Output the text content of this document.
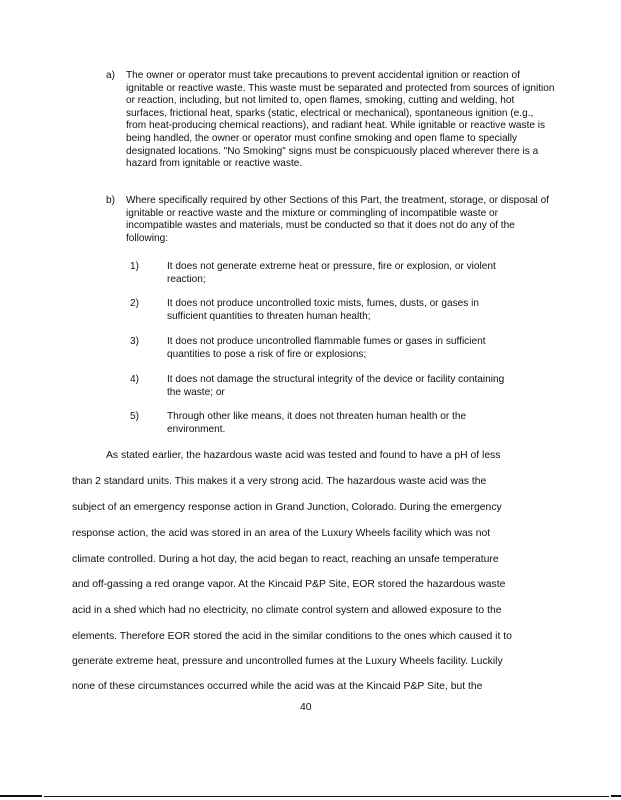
a) The owner or operator must take precautions to prevent accidental ignition or reaction of ignitable or reactive waste. This waste must be separated and protected from sources of ignition or reaction, including, but not limited to, open flames, smoking, cutting and welding, hot surfaces, frictional heat, sparks (static, electrical or mechanical), spontaneous ignition (e.g., from heat-producing chemical reactions), and radiant heat. While ignitable or reactive waste is being handled, the owner or operator must confine smoking and open flame to specially designated locations. "No Smoking" signs must be conspicuously placed wherever there is a hazard from ignitable or reactive waste.
b) Where specifically required by other Sections of this Part, the treatment, storage, or disposal of ignitable or reactive waste and the mixture or commingling of incompatible waste or incompatible wastes and materials, must be conducted so that it does not do any of the following:
1)	It does not generate extreme heat or pressure, fire or explosion, or violent reaction;
2)	It does not produce uncontrolled toxic mists, fumes, dusts, or gases in sufficient quantities to threaten human health;
3)	It does not produce uncontrolled flammable fumes or gases in sufficient quantities to pose a risk of fire or explosions;
4)	It does not damage the structural integrity of the device or facility containing the waste; or
5)	Through other like means, it does not threaten human health or the environment.
As stated earlier, the hazardous waste acid was tested and found to have a pH of less
than 2 standard units. This makes it a very strong acid. The hazardous waste acid was the
subject of an emergency response action in Grand Junction, Colorado. During the emergency
response action, the acid was stored in an area of the Luxury Wheels facility which was not
climate controlled. During a hot day, the acid began to react, reaching an unsafe temperature
and off-gassing a red orange vapor. At the Kincaid P&P Site, EOR stored the hazardous waste
acid in a shed which had no electricity, no climate control system and allowed exposure to the
elements. Therefore EOR stored the acid in the similar conditions to the ones which caused it to
generate extreme heat, pressure and uncontrolled fumes at the Luxury Wheels facility. Luckily
none of these circumstances occurred while the acid was at the Kincaid P&P Site, but the
40
